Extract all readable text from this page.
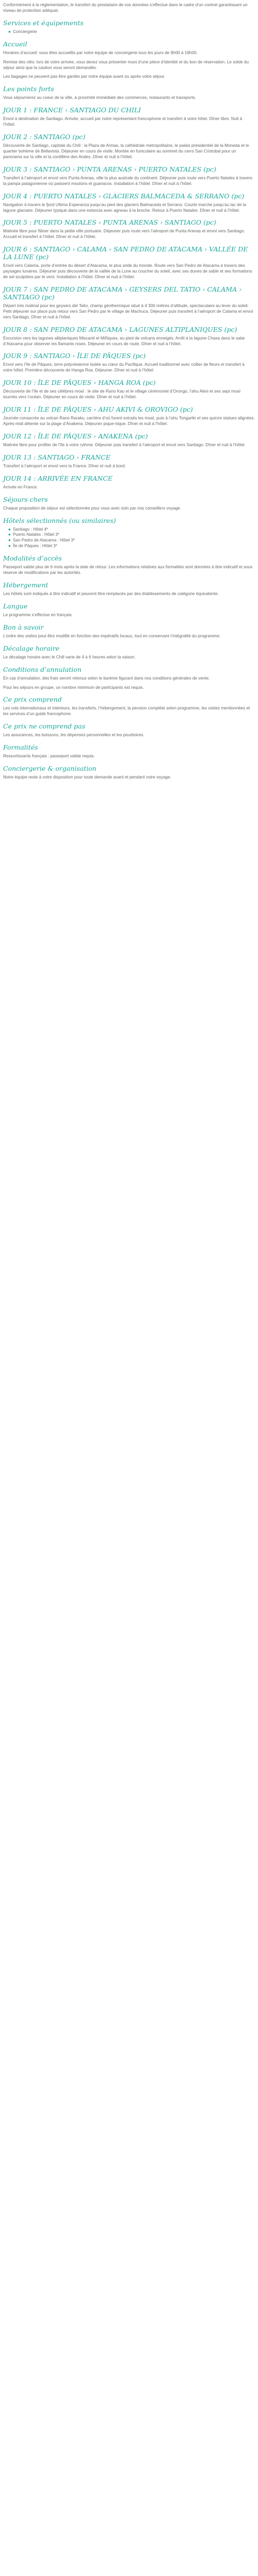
Conformément à la réglementation, le transfert du prestataire de vos données s’effectue dans le cadre d’un contrat garantissant un niveau de protection adéquat.

Services et équipements
● Conciergerie
Accueil

Horaires d’accueil: vous êtes accueillis par notre équipe de conciergerie tous les jours de 9h00 à 19h00.

Remise des clés: lors de votre arrivée, vous devez vous présenter muni d’une pièce d’identité et du bon de réservation. Le solde du séjour ainsi que la caution vous seront demandés.

Les bagages ne peuvent pas être gardés par notre équipe avant ou après votre séjour.

Les points forts

Vous séjournerez au coeur de la ville, à proximité immédiate des commerces, restaurants et transports.

JOUR 1 : FRANCE › SANTIAGO DU CHILI

Envol à destination de Santiago. Arrivée, accueil par notre représentant francophone et transfert à votre hôtel. Dîner libre. Nuit à l’hôtel.

JOUR 2 : SANTIAGO (pc)

Découverte de Santiago, capitale du Chili : la Plaza de Armas, la cathédrale métropolitaine, le palais présidentiel de la Moneda et le quartier bohème de Bellavista. Déjeuner en cours de visite. Montée en funiculaire au sommet du cerro San Cristobal pour un panorama sur la ville et la cordillère des Andes. Dîner et nuit à l’hôtel.

JOUR 3 : SANTIAGO › PUNTA ARENAS › PUERTO NATALES (pc)

Transfert à l’aéroport et envol vers Punta Arenas, ville la plus australe du continent. Déjeuner puis route vers Puerto Natales à travers la pampa patagonienne où paissent moutons et guanacos. Installation à l’hôtel. Dîner et nuit à l’hôtel.

JOUR 4 : PUERTO NATALES › GLACIERS BALMACEDA & SERRANO (pc)

Navigation à travers le fjord Ultima Esperanza jusqu’au pied des glaciers Balmaceda et Serrano. Courte marche jusqu’au lac de la lagune glaciaire. Déjeuner typique dans une estancia avec agneau à la broche. Retour à Puerto Natales. Dîner et nuit à l’hôtel.

JOUR 5 : PUERTO NATALES › PUNTA ARENAS › SANTIAGO (pc)

Matinée libre pour flâner dans la petite ville portuaire. Déjeuner puis route vers l’aéroport de Punta Arenas et envol vers Santiago. Accueil et transfert à l’hôtel. Dîner et nuit à l’hôtel.

JOUR 6 : SANTIAGO › CALAMA › SAN PEDRO DE ATACAMA › VALLÉE DE LA LUNE (pc)

Envol vers Calama, porte d’entrée du désert d’Atacama, le plus aride du monde. Route vers San Pedro de Atacama à travers des paysages lunaires. Déjeuner puis découverte de la vallée de la Lune au coucher du soleil, avec ses dunes de sable et ses formations de sel sculptées par le vent. Installation à l’hôtel. Dîner et nuit à l’hôtel.

JOUR 7 : SAN PEDRO DE ATACAMA › GEYSERS DEL TATIO › CALAMA › SANTIAGO (pc)

Départ très matinal pour les geysers del Tatio, champ géothermique situé à 4 300 mètres d’altitude, spectaculaire au lever du soleil. Petit déjeuner sur place puis retour vers San Pedro par le village de Machuca. Déjeuner puis transfert à l’aéroport de Calama et envol vers Santiago. Dîner et nuit à l’hôtel.

JOUR 8 : SAN PEDRO DE ATACAMA › LAGUNES ALTIPLANIQUES (pc)

Excursion vers les lagunes altiplaniques Miscanti et Miñiques, au pied de volcans enneigés. Arrêt à la lagune Chaxa dans le salar d’Atacama pour observer les flamants roses. Déjeuner en cours de route. Dîner et nuit à l’hôtel.

JOUR 9 : SANTIAGO › ÎLE DE PÂQUES (pc)

Envol vers l’île de Pâques, terre polynésienne isolée au cœur du Pacifique. Accueil traditionnel avec collier de fleurs et transfert à votre hôtel. Première découverte de Hanga Roa. Déjeuner. Dîner et nuit à l’hôtel.

JOUR 10 : ÎLE DE PÂQUES › HANGA ROA (pc)

Découverte de l’île et de ses célèbres moaï : le site de Rano Kau et le village cérémoniel d’Orongo, l’ahu Akivi et ses sept moaï tournés vers l’océan. Déjeuner en cours de visite. Dîner et nuit à l’hôtel.

JOUR 11 : ÎLE DE PÂQUES › AHU AKIVI & OROVIGO (pc)

Journée consacrée au volcan Rano Raraku, carrière d’où furent extraits les moaï, puis à l’ahu Tongariki et ses quinze statues alignées. Après-midi détente sur la plage d’Anakena. Déjeuner pique-nique. Dîner et nuit à l’hôtel.

JOUR 12 : ÎLE DE PÂQUES › ANAKENA (pc)

Matinée libre pour profiter de l’île à votre rythme. Déjeuner puis transfert à l’aéroport et envol vers Santiago. Dîner et nuit à l’hôtel.

JOUR 13 : SANTIAGO › FRANCE

Transfert à l’aéroport et envol vers la France. Dîner et nuit à bord.

JOUR 14 : ARRIVÉE EN FRANCE

Arrivée en France.

Séjours chers

Chaque proposition de séjour est sélectionnée pour vous avec soin par nos conseillers voyage.

Hôtels sélectionnés (ou similaires)
● Santiago : Hôtel 4*
● Puerto Natales : Hôtel 3*
● San Pedro de Atacama : Hôtel 3*
● Île de Pâques : Hôtel 3*
Modalités d’accès

Passeport valide plus de 6 mois après la date de retour. Les informations relatives aux formalités sont données à titre indicatif et sous réserve de modifications par les autorités.

Hébergement

Les hôtels sont indiqués à titre indicatif et peuvent être remplacés par des établissements de catégorie équivalente.

Langue

Le programme s’effectue en français.

Bon à savoir

L’ordre des visites peut être modifié en fonction des impératifs locaux, tout en conservant l’intégralité du programme.

Décalage horaire

Le décalage horaire avec le Chili varie de 4 à 6 heures selon la saison.

Conditions d’annulation

En cas d’annulation, des frais seront retenus selon le barème figurant dans nos conditions générales de vente.

Pour les séjours en groupe, un nombre minimum de participants est requis.

Ce prix comprend

Les vols internationaux et intérieurs, les transferts, l’hébergement, la pension complète selon programme, les visites mentionnées et les services d’un guide francophone.

Ce prix ne comprend pas

Les assurances, les boissons, les dépenses personnelles et les pourboires.

Formalités

Ressortissants français : passeport valide requis.

Conciergerie & organisation

Notre équipe reste à votre disposition pour toute demande avant et pendant votre voyage.
